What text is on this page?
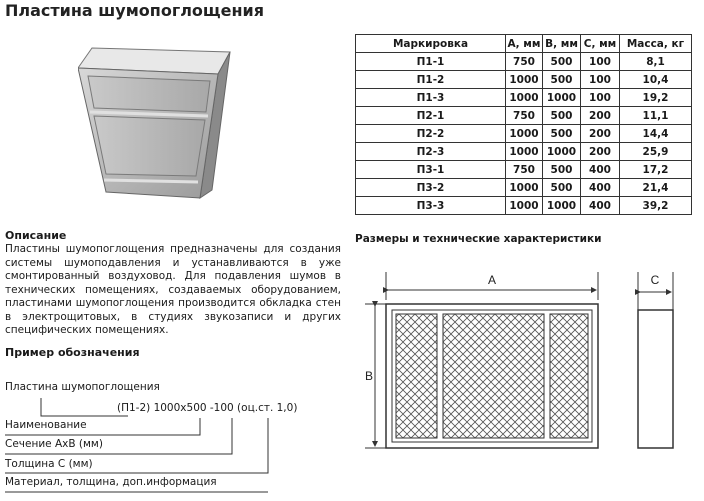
Пластина шумопоглощения
Маркировка	А, мм	В, мм	С, мм	Масса, кг
П1-1	750	500	100	8,1
П1-2	1000	500	100	10,4
П1-3	1000	1000	100	19,2
П2-1	750	500	200	11,1
П2-2	1000	500	200	14,4
П2-3	1000	1000	200	25,9
П3-1	750	500	400	17,2
П3-2	1000	500	400	21,4
П3-3	1000	1000	400	39,2
Описание
Пластины шумопоглощения предназначены для создания системы шумоподавления и устанавливаются в уже смонтированный воздуховод. Для подавления шумов в технических помещениях, создаваемых оборудованием, пластинами шумопоглощения производится обкладка стен в электрощитовых, в студиях звукозаписи и других специфических помещениях.
Пример обозначения
Пластина шумопоглощения
(П1-2) 1000х500 -100 (оц.ст. 1,0)
Наименование
Сечение АхВ (мм)
Толщина С (мм)
Материал, толщина, доп.информация
Размеры и технические характеристики
А
В
С
